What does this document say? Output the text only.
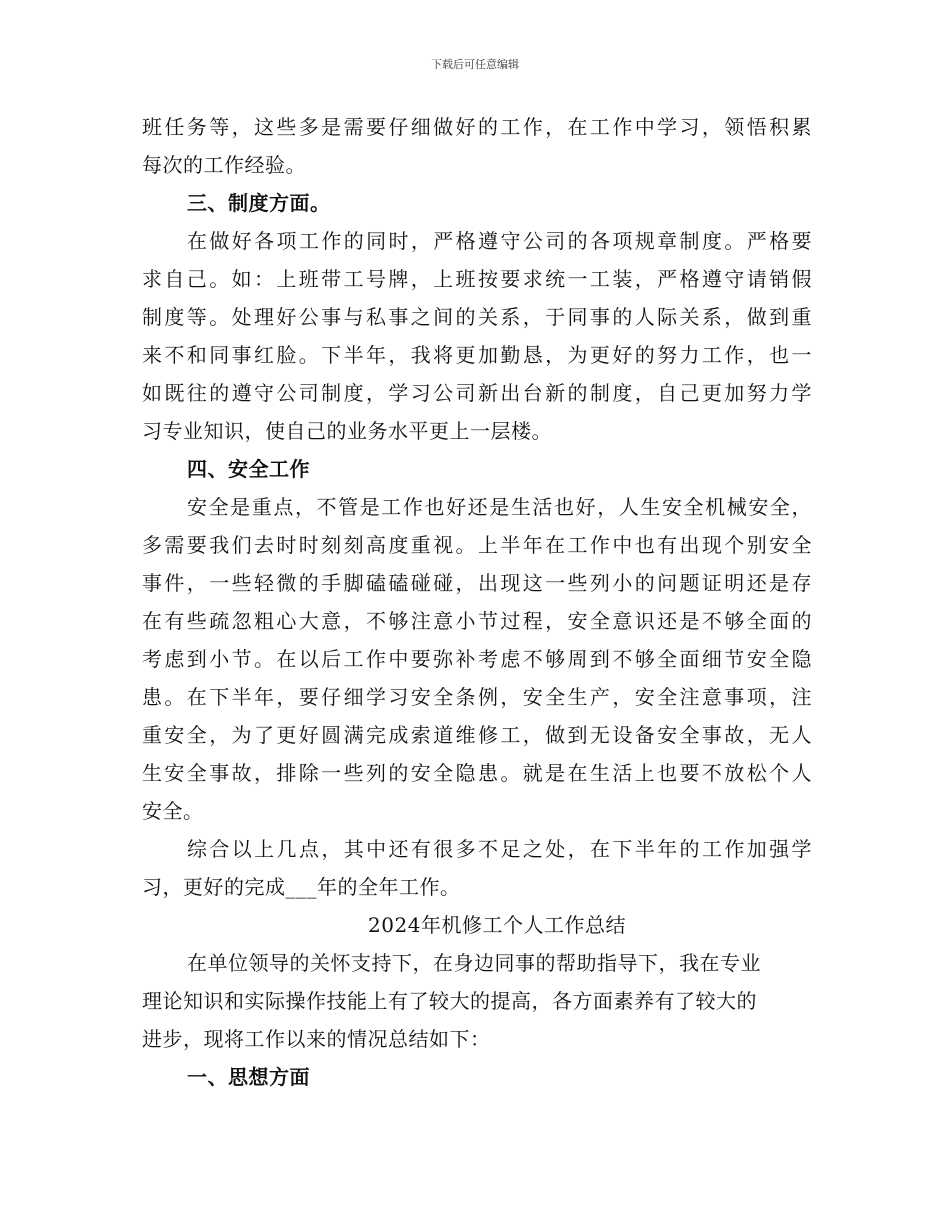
下载后可任意编辑
班任务等，这些多是需要仔细做好的工作，在工作中学习，领悟积累
每次的工作经验。
三、制度方面。
在做好各项工作的同时，严格遵守公司的各项规章制度。严格要
求自己。如：上班带工号牌，上班按要求统一工装，严格遵守请销假
制度等。处理好公事与私事之间的关系，于同事的人际关系，做到重
来不和同事红脸。下半年，我将更加勤恳，为更好的努力工作，也一
如既往的遵守公司制度，学习公司新出台新的制度，自己更加努力学
习专业知识，使自己的业务水平更上一层楼。
四、安全工作
安全是重点，不管是工作也好还是生活也好，人生安全机械安全，
多需要我们去时时刻刻高度重视。上半年在工作中也有出现个别安全
事件，一些轻微的手脚磕磕碰碰，出现这一些列小的问题证明还是存
在有些疏忽粗心大意，不够注意小节过程，安全意识还是不够全面的
考虑到小节。在以后工作中要弥补考虑不够周到不够全面细节安全隐
患。在下半年，要仔细学习安全条例，安全生产，安全注意事项，注
重安全，为了更好圆满完成索道维修工，做到无设备安全事故，无人
生安全事故，排除一些列的安全隐患。就是在生活上也要不放松个人
安全。
综合以上几点，其中还有很多不足之处，在下半年的工作加强学
习，更好的完成___年的全年工作。
2024年机修工个人工作总结
在单位领导的关怀支持下，在身边同事的帮助指导下，我在专业
理论知识和实际操作技能上有了较大的提高，各方面素养有了较大的
进步，现将工作以来的情况总结如下：
一、思想方面
